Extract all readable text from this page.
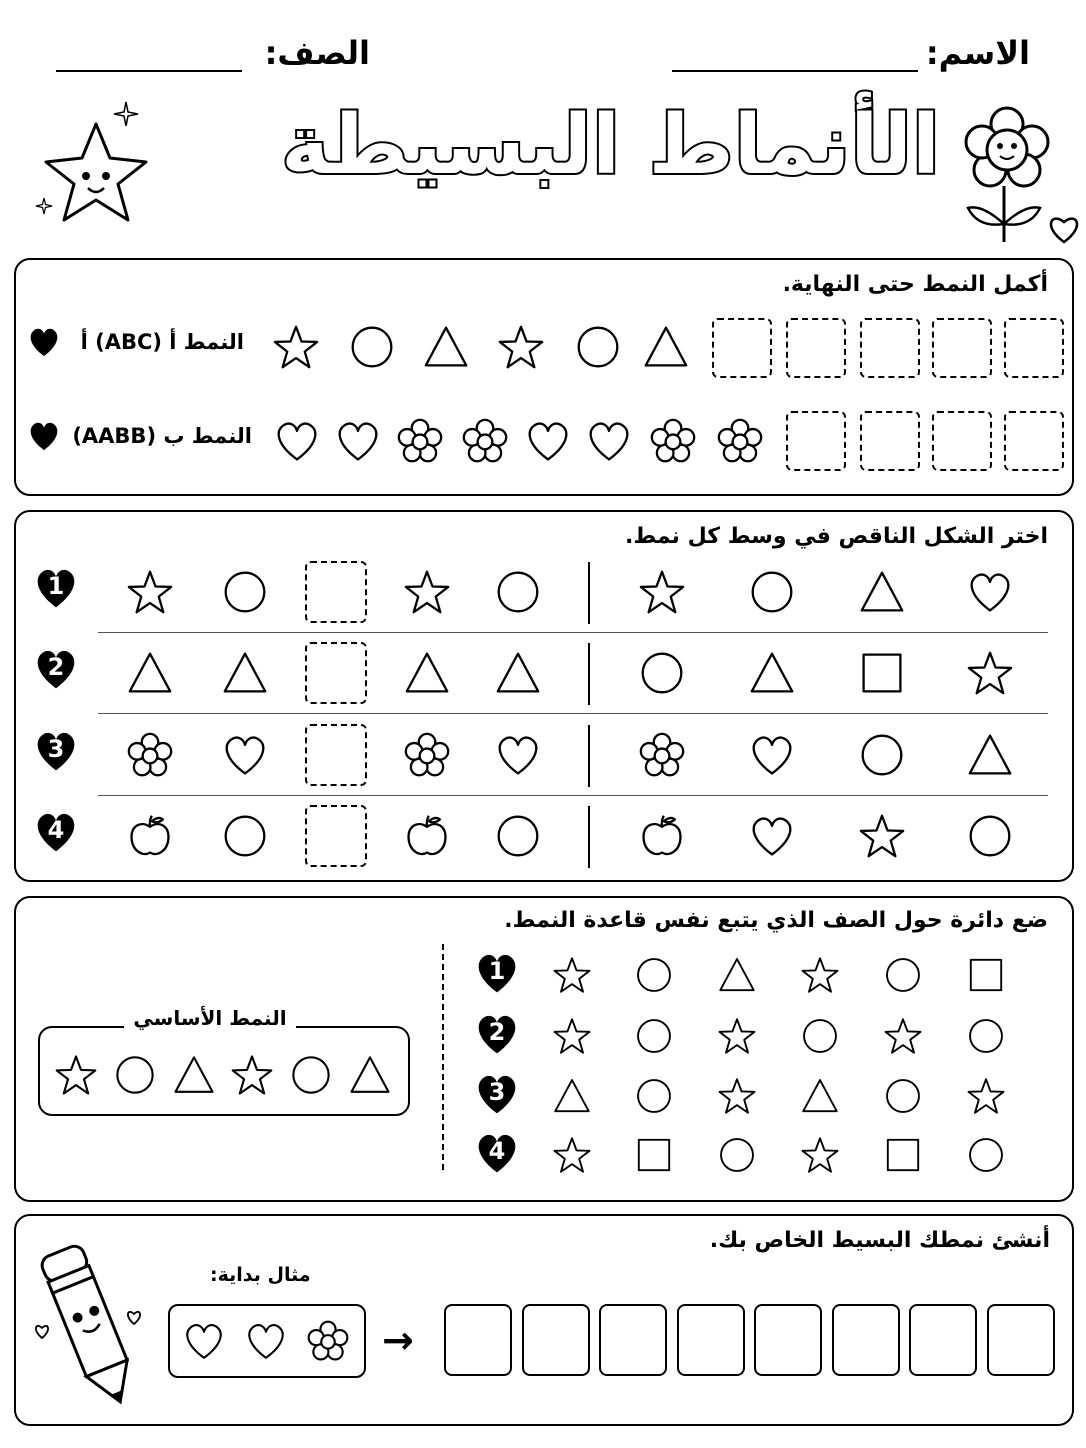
الاسم:
الصف:
الأنماط البسيطة
أكمل النمط حتى النهاية.
النمط أ (ABC) أ
النمط ب (AABB)
اختر الشكل الناقص في وسط كل نمط.
1
2
3
4
ضع دائرة حول الصف الذي يتبع نفس قاعدة النمط.
النمط الأساسي
1
2
3
4
أنشئ نمطك البسيط الخاص بك.
مثال بداية:
→
